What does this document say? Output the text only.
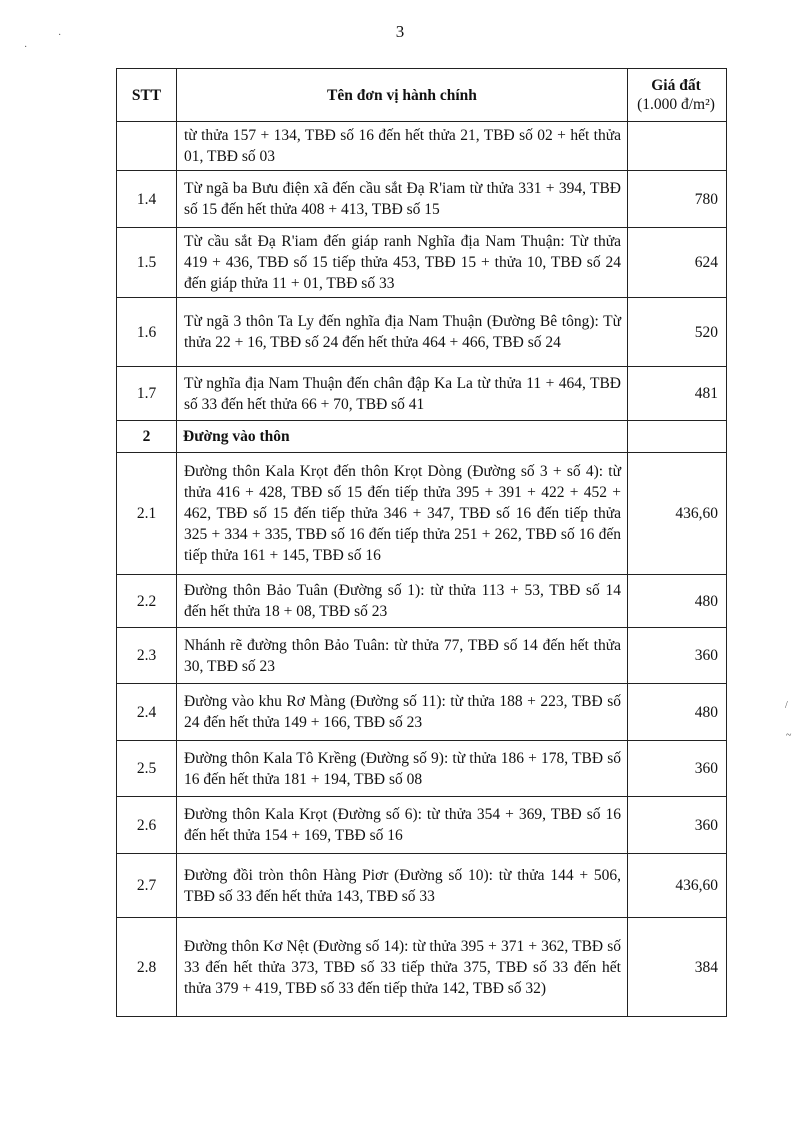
3
·
·
/
~
STT	Tên đơn vị hành chính	Giá đất
(1.000 đ/m²)

	từ thửa 157 + 134, TBĐ số 16 đến hết thửa 21, TBĐ số 02 + hết thửa 01, TBĐ số 03	
1.4	Từ ngã ba Bưu điện xã đến cầu sắt Đạ R'iam từ thửa 331 + 394, TBĐ số 15 đến hết thửa 408 + 413, TBĐ số 15	780
1.5	Từ cầu sắt Đạ R'iam đến giáp ranh Nghĩa địa Nam Thuận: Từ thửa 419 + 436, TBĐ số 15 tiếp thửa 453, TBĐ 15 + thửa 10, TBĐ số 24 đến giáp thửa 11 + 01, TBĐ số 33	624
1.6	Từ ngã 3 thôn Ta Ly đến nghĩa địa Nam Thuận (Đường Bê tông): Từ thửa 22 + 16, TBĐ số 24 đến hết thửa 464 + 466, TBĐ số 24	520
1.7	Từ nghĩa địa Nam Thuận đến chân đập Ka La từ thửa 11 + 464, TBĐ số 33 đến hết thửa 66 + 70, TBĐ số 41	481
2	Đường vào thôn	
2.1	Đường thôn Kala Krọt đến thôn Krọt Dòng (Đường số 3 + số 4): từ thửa 416 + 428, TBĐ số 15 đến tiếp thửa 395 + 391 + 422 + 452 + 462, TBĐ số 15 đến tiếp thửa 346 + 347, TBĐ số 16 đến tiếp thửa 325 + 334 + 335, TBĐ số 16 đến tiếp thửa 251 + 262, TBĐ số 16 đến tiếp thửa 161 + 145, TBĐ số 16	436,60
2.2	Đường thôn Bảo Tuân (Đường số 1): từ thửa 113 + 53, TBĐ số 14 đến hết thửa 18 + 08, TBĐ số 23	480
2.3	Nhánh rẽ đường thôn Bảo Tuân: từ thửa 77, TBĐ số 14 đến hết thửa 30, TBĐ số 23	360
2.4	Đường vào khu Rơ Màng (Đường số 11): từ thửa 188 + 223, TBĐ số 24 đến hết thửa 149 + 166, TBĐ số 23	480
2.5	Đường thôn Kala Tô Krềng (Đường số 9): từ thửa 186 + 178, TBĐ số 16 đến hết thửa 181 + 194, TBĐ số 08	360
2.6	Đường thôn Kala Krọt (Đường số 6): từ thửa 354 + 369, TBĐ số 16 đến hết thửa 154 + 169, TBĐ số 16	360
2.7	Đường đồi tròn thôn Hàng Piơr (Đường số 10): từ thửa 144 + 506, TBĐ số 33 đến hết thửa 143, TBĐ số 33	436,60
2.8	Đường thôn Kơ Nệt (Đường số 14): từ thửa 395 + 371 + 362, TBĐ số 33 đến hết thửa 373, TBĐ số 33 tiếp thửa 375, TBĐ số 33 đến hết thửa 379 + 419, TBĐ số 33 đến tiếp thửa 142, TBĐ số 32)	384
